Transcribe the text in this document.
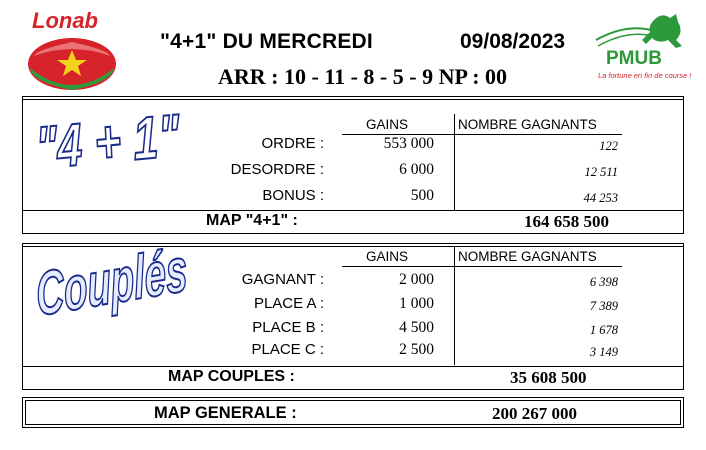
Lonab
"4+1" DU MERCREDI	09/08/2023
ARR : 10 - 11 - 8 - 5 - 9 NP : 00
PMUB
La fortune en fin de course !
"4 + 1"	GAINS	NOMBRE GAGNANTS
ORDRE :	553 000	122
DESORDRE :	6 000	12 511
BONUS :	500	44 253
MAP "4+1" :	164 658 500
Couplés	GAINS	NOMBRE GAGNANTS
GAGNANT :	2 000	6 398
PLACE A :	1 000	7 389
PLACE B :	4 500	1 678
PLACE C :	2 500	3 149
MAP COUPLES :	35 608 500
MAP GENERALE :	200 267 000
